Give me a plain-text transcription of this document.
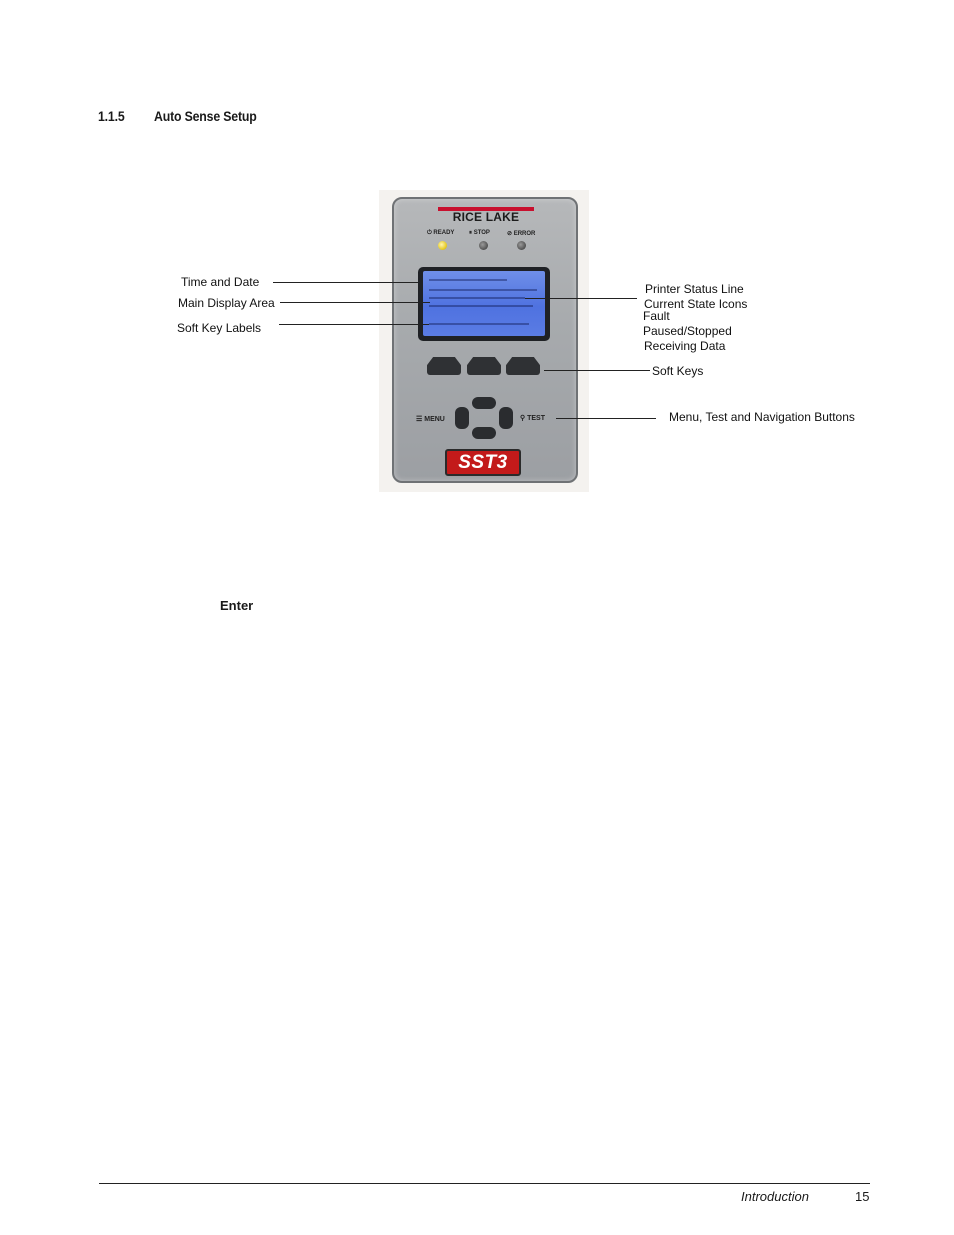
1.1.5 Auto Sense Setup
RICE LAKE
⏻ READY ⏸ STOP	⊘ ERROR
☰ MENU	⚲ TEST
SST3
Time and Date
Main Display Area
Soft Key Labels
Printer Status Line
Current State Icons
Fault
Paused/Stopped
Receiving Data
Soft Keys
Menu, Test and Navigation Buttons
Enter
Introduction	15
